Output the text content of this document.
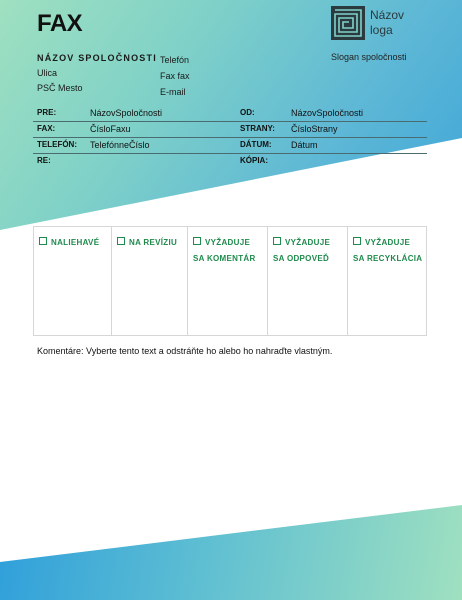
FAX	Názov loga
Slogan spoločnosti
NÁZOV SPOLOČNOSTI
Ulica
PSČ Mesto
Telefón
Fax fax
E-mail
PRE:	NázovSpoločnosti	OD:	NázovSpoločnosti
FAX:	ČísloFaxu	STRANY: ČísloStrany
TELEFÓN: TelefónneČíslo	DÁTUM: Dátum
RE:	KÓPIA:
NALIEHAVÉ	NA REVÍZIU	VYŽADUJE
SA KOMENTÁR
VYŽADUJE
SA ODPOVEĎ
VYŽADUJE
SA RECYKLÁCIA
Komentáre: Vyberte tento text a odstráňte ho alebo ho nahraďte vlastným.
